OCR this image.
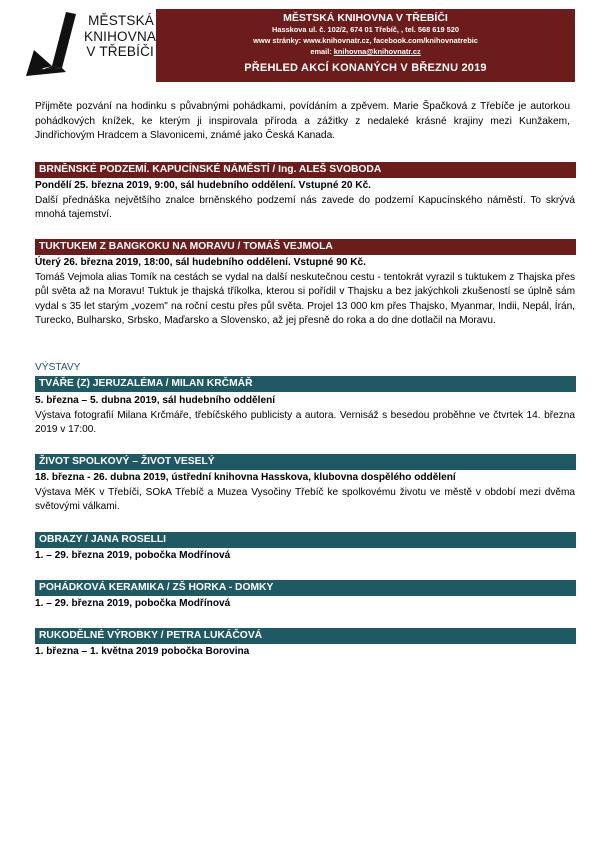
MĚSTSKÁ
KNIHOVNA
V TŘEBÍČI
MĚSTSKÁ KNIHOVNA V TŘEBÍČI
Hasskova ul. č. 102/2, 674 01 Třebíč, , tel. 568 619 520
www stránky: www.knihovnatr.cz, facebook.com/knihovnatrebic
email: knihovna@knihovnatr.cz
PŘEHLED AKCÍ KONANÝCH V BŘEZNU 2019
Přijměte pozvání na hodinku s půvabnými pohádkami, povídáním a zpěvem. Marie Špačková z Třebíče je autorkou pohádkových knížek, ke kterým ji inspirovala příroda a zážitky z nedaleké krásné krajiny mezi Kunžakem, Jindřichovým Hradcem a Slavonicemi, známé jako Česká Kanada.
BRNĚNSKÉ PODZEMÍ. KAPUCÍNSKÉ NÁMĚSTÍ / Ing. ALEŠ SVOBODA
Pondělí 25. března 2019, 9:00, sál hudebního oddělení. Vstupné 20 Kč.
Další přednáška největšího znalce brněnského podzemí nás zavede do podzemí Kapucínského náměstí. To skrývá mnohá tajemství.
TUKTUKEM Z BANGKOKU NA MORAVU / TOMÁŠ VEJMOLA
Úterý 26. března 2019, 18:00, sál hudebního oddělení. Vstupné 90 Kč.
Tomáš Vejmola alias Tomík na cestách se vydal na další neskutečnou cestu - tentokrát vyrazil s tuktukem z Thajska přes půl světa až na Moravu! Tuktuk je thajská tříkolka, kterou si pořídil v Thajsku a bez jakýchkoli zkušeností se úplně sám vydal s 35 let starým „vozem" na roční cestu přes půl světa. Projel 13 000 km přes Thajsko, Myanmar, Indii, Nepál, Írán, Turecko, Bulharsko, Srbsko, Maďarsko a Slovensko, až jej přesně do roka a do dne dotlačil na Moravu.
VÝSTAVY
TVÁŘE (Z) JERUZALÉMA / MILAN KRČMÁŘ
5. března – 5. dubna 2019, sál hudebního oddělení
Výstava fotografií Milana Krčmáře, třebíčského publicisty a autora. Vernisáž s besedou proběhne ve čtvrtek 14. března 2019 v 17:00.
ŽIVOT SPOLKOVÝ – ŽIVOT VESELÝ
18. března - 26. dubna 2019, ústřední knihovna Hasskova, klubovna dospělého oddělení
Výstava MěK v Třebíči, SOkA Třebíč a Muzea Vysočiny Třebíč ke spolkovému životu ve městě v období mezi dvěma světovými válkami.
OBRAZY / JANA ROSELLI
1. – 29. března 2019, pobočka Modřínová
POHÁDKOVÁ KERAMIKA / ZŠ HORKA - DOMKY
1. – 29. března 2019, pobočka Modřínová
RUKODĚLNÉ VÝROBKY / PETRA LUKÁČOVÁ
1. března – 1. května 2019 pobočka Borovina
